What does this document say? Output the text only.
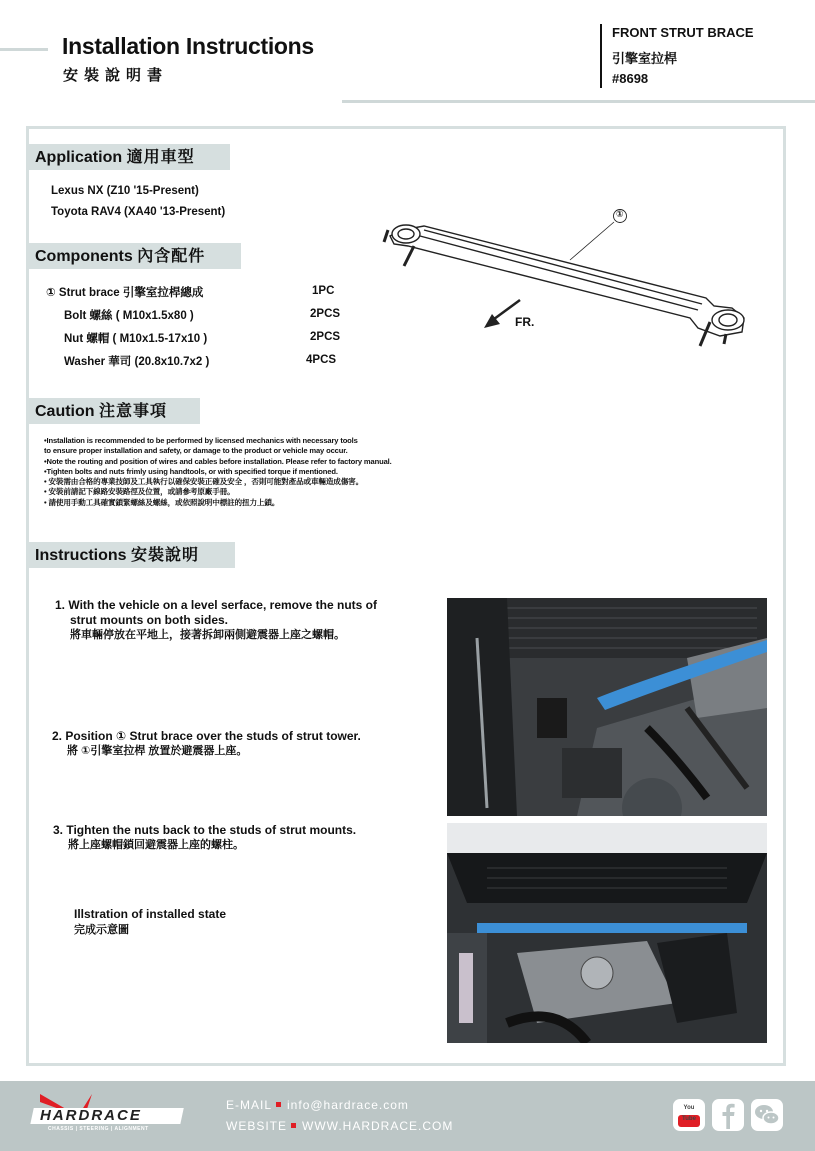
Installation Instructions
安裝說明書
FRONT STRUT BRACE
引擎室拉桿
#8698
Application 適用車型
Lexus NX (Z10 '15-Present)
Toyota RAV4 (XA40 '13-Present)
Components 內含配件
① Strut brace 引擎室拉桿總成	1PC
Bolt 螺絲 ( M10x1.5x80 )	2PCS
Nut 螺帽 ( M10x1.5-17x10 )	2PCS
Washer 華司 (20.8x10.7x2 )	4PCS
①
FR.
Caution 注意事項
•Installation is recommended to be performed by licensed mechanics with necessary tools
to ensure proper installation and safety, or damage to the product or vehicle may occur.
•Note the routing and position of wires and cables before installation. Please refer to factory manual.
•Tighten bolts and nuts frimly using handtools, or with specified torque if mentioned.
• 安裝需由合格的專業技師及工具執行以確保安裝正確及安全 ，否則可能對產品或車輛造成傷害。
• 安裝前請記下線路安裝路徑及位置，或請參考原廠手冊。
• 請使用手動工具確實鎖緊螺絲及螺絲，或依照說明中標註的扭力上鎖。
Instructions 安裝說明
1. With the vehicle on a level serface, remove the nuts of
strut mounts on both sides.
將車輛停放在平地上，接著拆卸兩側避震器上座之螺帽。
2. Position ① Strut brace over the studs of strut tower.
將 ①引擎室拉桿 放置於避震器上座。
3. Tighten the nuts back to the studs of strut mounts.
將上座螺帽鎖回避震器上座的螺柱。
Illstration of installed state
完成示意圖
HARDRACE
CHASSIS | STEERING | ALIGNMENT
E-MAIL info@hardrace.com
WEBSITE WWW.HARDRACE.COM
You Tube
